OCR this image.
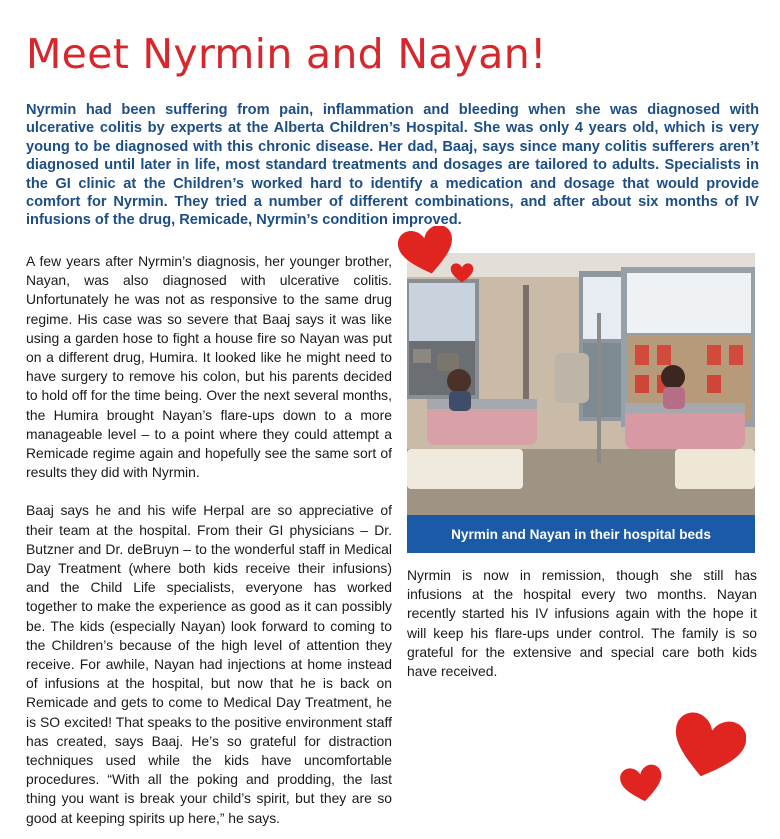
Meet Nyrmin and Nayan!
Nyrmin had been suffering from pain, inflammation and bleeding when she was diagnosed with ulcerative colitis by experts at the Alberta Children’s Hospital. She was only 4 years old, which is very young to be diagnosed with this chronic disease. Her dad, Baaj, says since many colitis sufferers aren’t diagnosed until later in life, most standard treatments and dosages are tailored to adults. Specialists in the GI clinic at the Children’s worked hard to identify a medication and dosage that would provide comfort for Nyrmin. They tried a number of different combinations, and after about six months of IV infusions of the drug, Remicade, Nyrmin’s condition improved.

A few years after Nyrmin’s diagnosis, her younger brother, Nayan, was also diagnosed with ulcerative colitis. Unfortunately he was not as responsive to the same drug regime. His case was so severe that Baaj says it was like using a garden hose to fight a house fire so Nayan was put on a different drug, Humira. It looked like he might need to have surgery to remove his colon, but his parents decided to hold off for the time being. Over the next several months, the Humira brought Nayan’s flare-ups down to a more manageable level – to a point where they could attempt a Remicade regime again and hopefully see the same sort of results they did with Nyrmin.

Baaj says he and his wife Herpal are so appreciative of their team at the hospital. From their GI physicians – Dr. Butzner and Dr. deBruyn – to the wonderful staff in Medical Day Treatment (where both kids receive their infusions) and the Child Life specialists, everyone has worked together to make the experience as good as it can possibly be. The kids (especially Nayan) look forward to coming to the Children’s because of the high level of attention they receive. For awhile, Nayan had injections at home instead of infusions at the hospital, but now that he is back on Remicade and gets to come to Medical Day Treatment, he is SO excited! That speaks to the positive environment staff has created, says Baaj. He’s so grateful for distraction techniques used while the kids have uncomfortable procedures. “With all the poking and prodding, the last thing you want is break your child’s spirit, but they are so good at keeping spirits up here,” he says.

Nyrmin and Nayan in their hospital beds

Nyrmin is now in remission, though she still has infusions at the hospital every two months. Nayan recently started his IV infusions again with the hope it will keep his flare-ups under control. The family is so grateful for the extensive and special care both kids have received.
